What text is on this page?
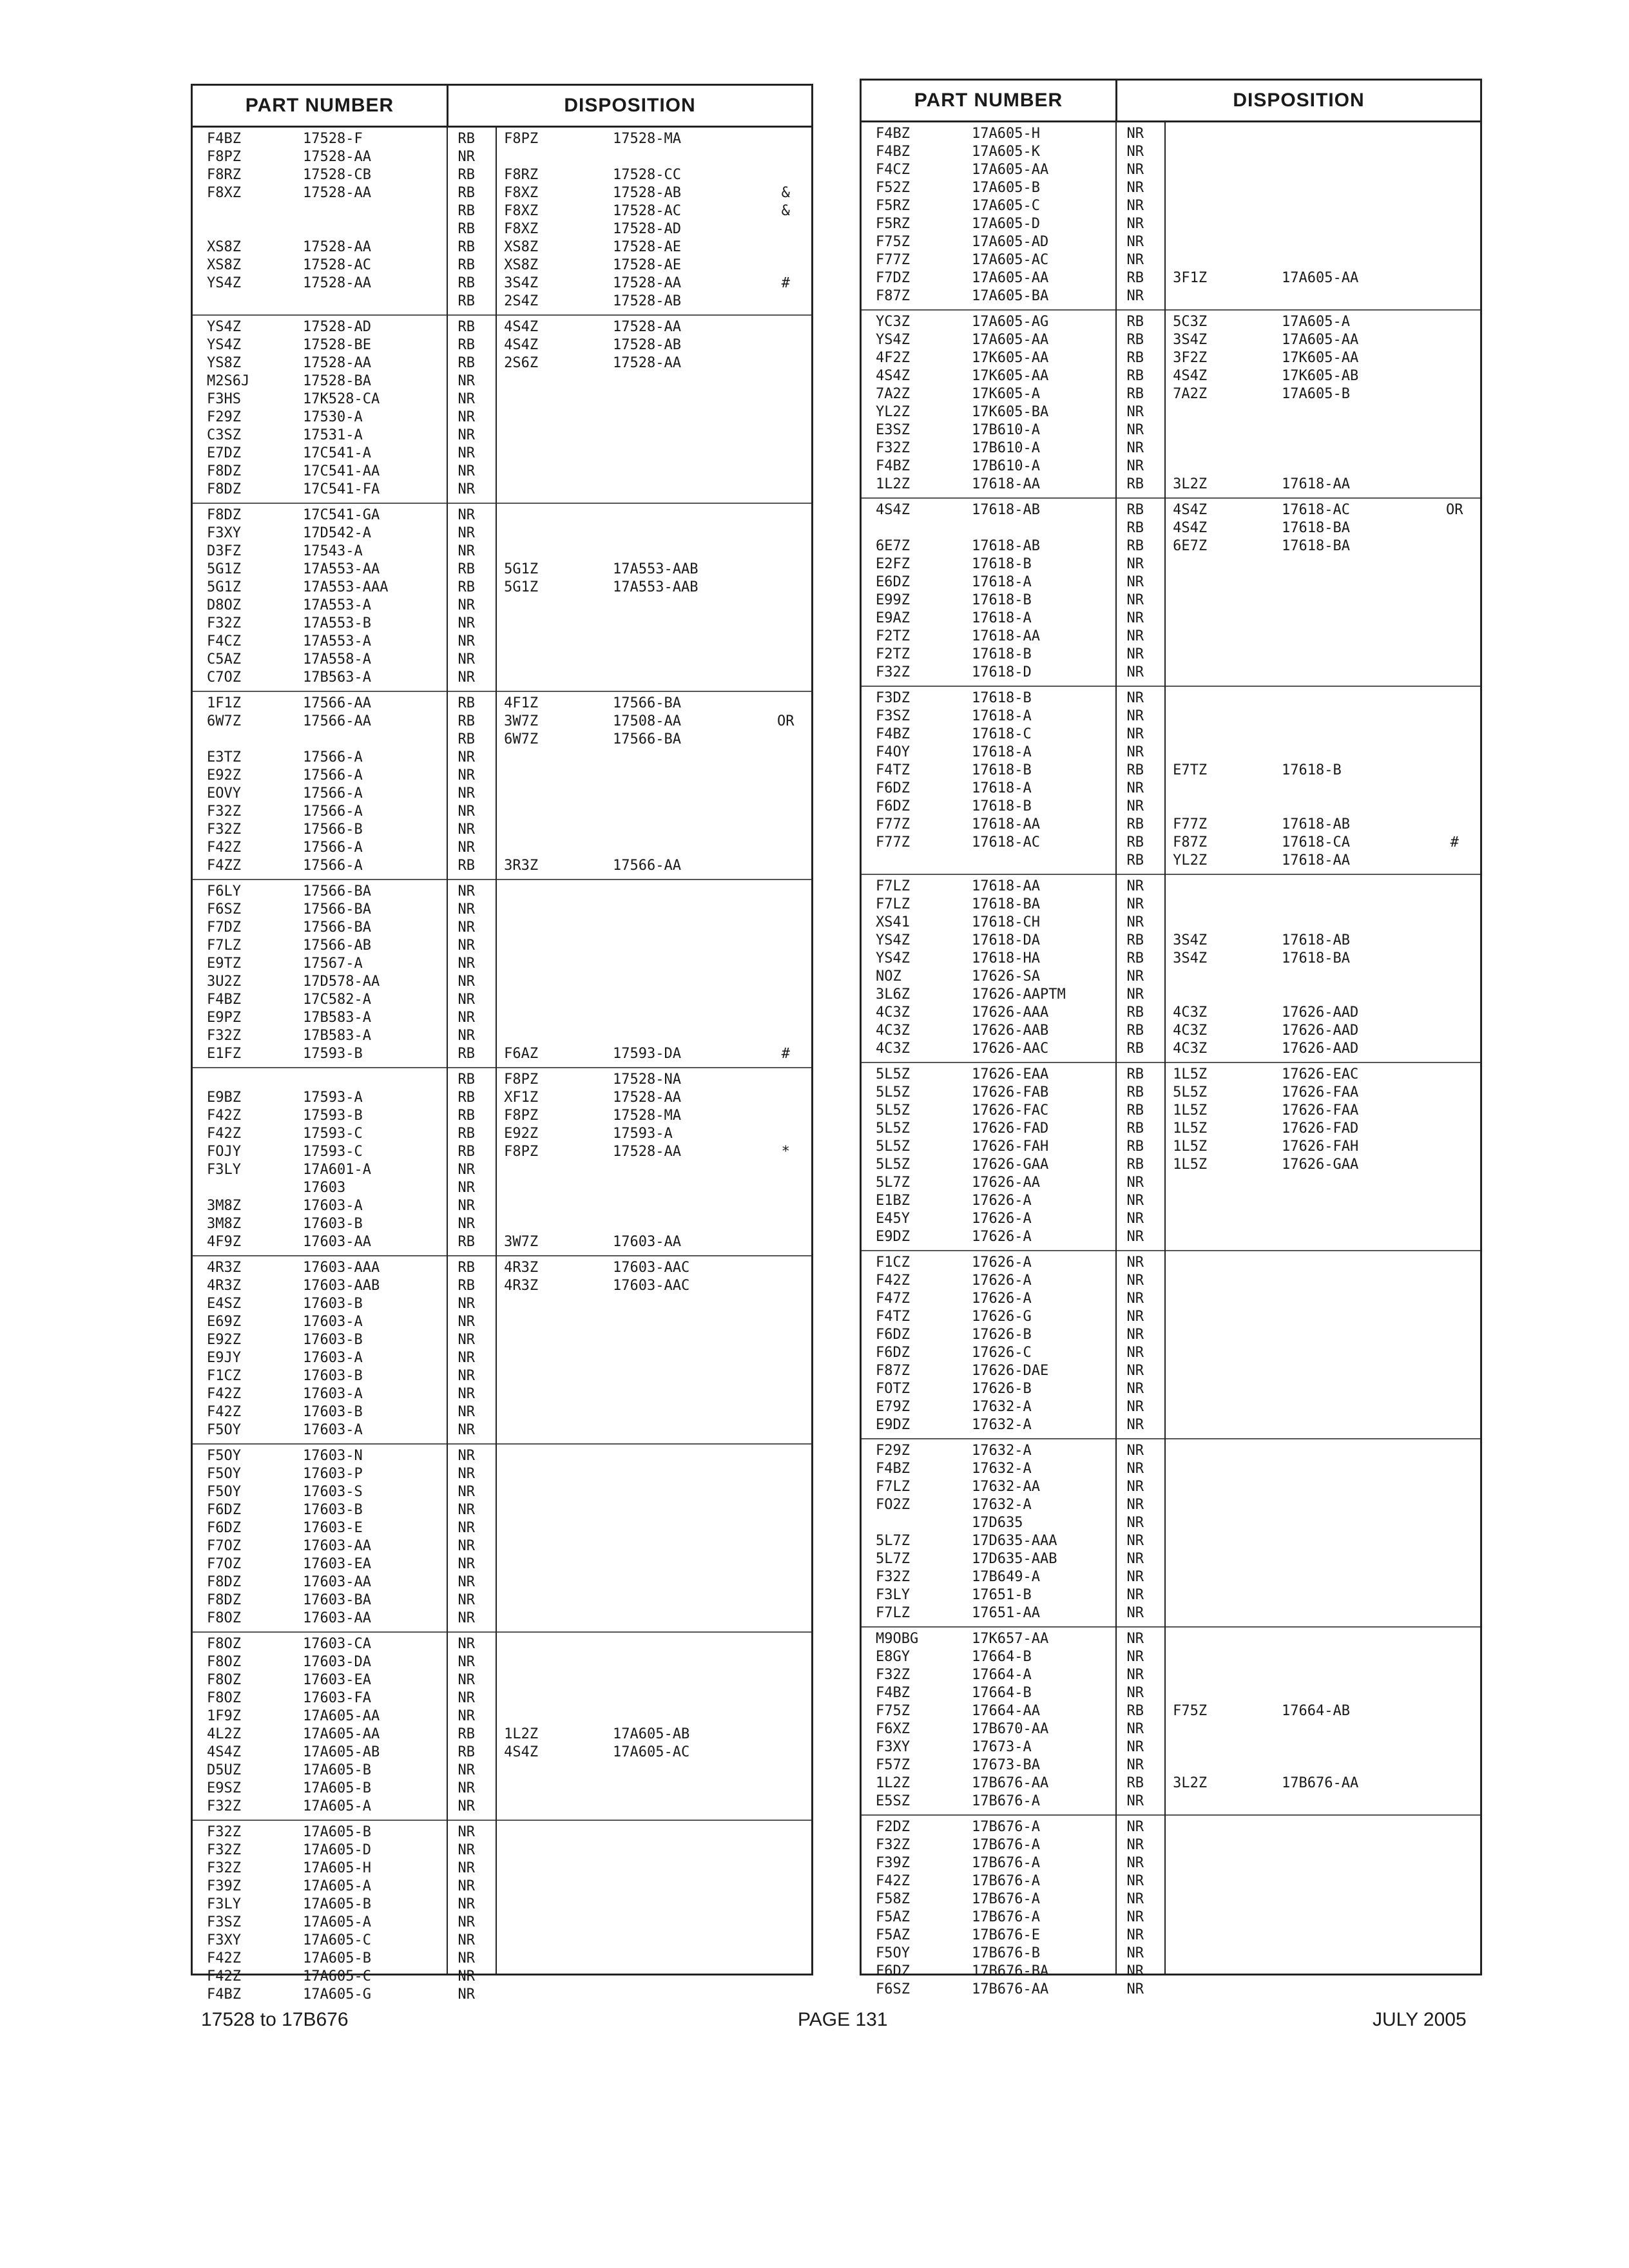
PART NUMBER	DISPOSITION
F4BZ	17528-F	RB	F8PZ	17528-MA
F8PZ	17528-AA	NR
F8RZ	17528-CB	RB	F8RZ	17528-CC
F8XZ	17528-AA	RB	F8XZ	17528-AB	&
RB	F8XZ	17528-AC	&
RB	F8XZ	17528-AD
XS8Z	17528-AA	RB	XS8Z	17528-AE
XS8Z	17528-AC	RB	XS8Z	17528-AE
YS4Z	17528-AA	RB	3S4Z	17528-AA	#
RB	2S4Z	17528-AB
YS4Z	17528-AD	RB	4S4Z	17528-AA
YS4Z	17528-BE	RB	4S4Z	17528-AB
YS8Z	17528-AA	RB	2S6Z	17528-AA
M2S6J	17528-BA	NR
F3HS	17K528-CA	NR
F29Z	17530-A	NR
C3SZ	17531-A	NR
E7DZ	17C541-A	NR
F8DZ	17C541-AA	NR
F8DZ	17C541-FA	NR
F8DZ	17C541-GA	NR
F3XY	17D542-A	NR
D3FZ	17543-A	NR
5G1Z	17A553-AA	RB	5G1Z	17A553-AAB
5G1Z	17A553-AAA	RB	5G1Z	17A553-AAB
D8OZ	17A553-A	NR
F32Z	17A553-B	NR
F4CZ	17A553-A	NR
C5AZ	17A558-A	NR
C7OZ	17B563-A	NR
1F1Z	17566-AA	RB	4F1Z	17566-BA
6W7Z	17566-AA	RB	3W7Z	17508-AA	OR
RB	6W7Z	17566-BA
E3TZ	17566-A	NR
E92Z	17566-A	NR
EOVY	17566-A	NR
F32Z	17566-A	NR
F32Z	17566-B	NR
F42Z	17566-A	NR
F4ZZ	17566-A	RB	3R3Z	17566-AA
F6LY	17566-BA	NR
F6SZ	17566-BA	NR
F7DZ	17566-BA	NR
F7LZ	17566-AB	NR
E9TZ	17567-A	NR
3U2Z	17D578-AA	NR
F4BZ	17C582-A	NR
E9PZ	17B583-A	NR
F32Z	17B583-A	NR
E1FZ	17593-B	RB	F6AZ	17593-DA	#
RB	F8PZ	17528-NA
E9BZ	17593-A	RB	XF1Z	17528-AA
F42Z	17593-B	RB	F8PZ	17528-MA
F42Z	17593-C	RB	E92Z	17593-A
FOJY	17593-C	RB	F8PZ	17528-AA	*
F3LY	17A601-A	NR
17603	NR
3M8Z	17603-A	NR
3M8Z	17603-B	NR
4F9Z	17603-AA	RB	3W7Z	17603-AA
4R3Z	17603-AAA	RB	4R3Z	17603-AAC
4R3Z	17603-AAB	RB	4R3Z	17603-AAC
E4SZ	17603-B	NR
E69Z	17603-A	NR
E92Z	17603-B	NR
E9JY	17603-A	NR
F1CZ	17603-B	NR
F42Z	17603-A	NR
F42Z	17603-B	NR
F5OY	17603-A	NR
F5OY	17603-N	NR
F5OY	17603-P	NR
F5OY	17603-S	NR
F6DZ	17603-B	NR
F6DZ	17603-E	NR
F7OZ	17603-AA	NR
F7OZ	17603-EA	NR
F8DZ	17603-AA	NR
F8DZ	17603-BA	NR
F8OZ	17603-AA	NR
F8OZ	17603-CA	NR
F8OZ	17603-DA	NR
F8OZ	17603-EA	NR
F8OZ	17603-FA	NR
1F9Z	17A605-AA	NR
4L2Z	17A605-AA	RB	1L2Z	17A605-AB
4S4Z	17A605-AB	RB	4S4Z	17A605-AC
D5UZ	17A605-B	NR
E9SZ	17A605-B	NR
F32Z	17A605-A	NR
F32Z	17A605-B	NR
F32Z	17A605-D	NR
F32Z	17A605-H	NR
F39Z	17A605-A	NR
F3LY	17A605-B	NR
F3SZ	17A605-A	NR
F3XY	17A605-C	NR
F42Z	17A605-B	NR
F42Z	17A605-C	NR
F4BZ	17A605-G	NR
PART NUMBER	DISPOSITION
F4BZ	17A605-H	NR
F4BZ	17A605-K	NR
F4CZ	17A605-AA	NR
F52Z	17A605-B	NR
F5RZ	17A605-C	NR
F5RZ	17A605-D	NR
F75Z	17A605-AD	NR
F77Z	17A605-AC	NR
F7DZ	17A605-AA	RB	3F1Z	17A605-AA
F87Z	17A605-BA	NR
YC3Z	17A605-AG	RB	5C3Z	17A605-A
YS4Z	17A605-AA	RB	3S4Z	17A605-AA
4F2Z	17K605-AA	RB	3F2Z	17K605-AA
4S4Z	17K605-AA	RB	4S4Z	17K605-AB
7A2Z	17K605-A	RB	7A2Z	17A605-B
YL2Z	17K605-BA	NR
E3SZ	17B610-A	NR
F32Z	17B610-A	NR
F4BZ	17B610-A	NR
1L2Z	17618-AA	RB	3L2Z	17618-AA
4S4Z	17618-AB	RB	4S4Z	17618-AC	OR
RB	4S4Z	17618-BA
6E7Z	17618-AB	RB	6E7Z	17618-BA
E2FZ	17618-B	NR
E6DZ	17618-A	NR
E99Z	17618-B	NR
E9AZ	17618-A	NR
F2TZ	17618-AA	NR
F2TZ	17618-B	NR
F32Z	17618-D	NR
F3DZ	17618-B	NR
F3SZ	17618-A	NR
F4BZ	17618-C	NR
F4OY	17618-A	NR
F4TZ	17618-B	RB	E7TZ	17618-B
F6DZ	17618-A	NR
F6DZ	17618-B	NR
F77Z	17618-AA	RB	F77Z	17618-AB
F77Z	17618-AC	RB	F87Z	17618-CA	#
RB	YL2Z	17618-AA
F7LZ	17618-AA	NR
F7LZ	17618-BA	NR
XS41	17618-CH	NR
YS4Z	17618-DA	RB	3S4Z	17618-AB
YS4Z	17618-HA	RB	3S4Z	17618-BA
NOZ	17626-SA	NR
3L6Z	17626-AAPTM	NR
4C3Z	17626-AAA	RB	4C3Z	17626-AAD
4C3Z	17626-AAB	RB	4C3Z	17626-AAD
4C3Z	17626-AAC	RB	4C3Z	17626-AAD
5L5Z	17626-EAA	RB	1L5Z	17626-EAC
5L5Z	17626-FAB	RB	5L5Z	17626-FAA
5L5Z	17626-FAC	RB	1L5Z	17626-FAA
5L5Z	17626-FAD	RB	1L5Z	17626-FAD
5L5Z	17626-FAH	RB	1L5Z	17626-FAH
5L5Z	17626-GAA	RB	1L5Z	17626-GAA
5L7Z	17626-AA	NR
E1BZ	17626-A	NR
E45Y	17626-A	NR
E9DZ	17626-A	NR
F1CZ	17626-A	NR
F42Z	17626-A	NR
F47Z	17626-A	NR
F4TZ	17626-G	NR
F6DZ	17626-B	NR
F6DZ	17626-C	NR
F87Z	17626-DAE	NR
FOTZ	17626-B	NR
E79Z	17632-A	NR
E9DZ	17632-A	NR
F29Z	17632-A	NR
F4BZ	17632-A	NR
F7LZ	17632-AA	NR
FO2Z	17632-A	NR
17D635	NR
5L7Z	17D635-AAA	NR
5L7Z	17D635-AAB	NR
F32Z	17B649-A	NR
F3LY	17651-B	NR
F7LZ	17651-AA	NR
M9OBG	17K657-AA	NR
E8GY	17664-B	NR
F32Z	17664-A	NR
F4BZ	17664-B	NR
F75Z	17664-AA	RB	F75Z	17664-AB
F6XZ	17B670-AA	NR
F3XY	17673-A	NR
F57Z	17673-BA	NR
1L2Z	17B676-AA	RB	3L2Z	17B676-AA
E5SZ	17B676-A	NR
F2DZ	17B676-A	NR
F32Z	17B676-A	NR
F39Z	17B676-A	NR
F42Z	17B676-A	NR
F58Z	17B676-A	NR
F5AZ	17B676-A	NR
F5AZ	17B676-E	NR
F5OY	17B676-B	NR
F6DZ	17B676-BA	NR
F6SZ	17B676-AA	NR
17528 to 17B676	PAGE 131	JULY 2005
